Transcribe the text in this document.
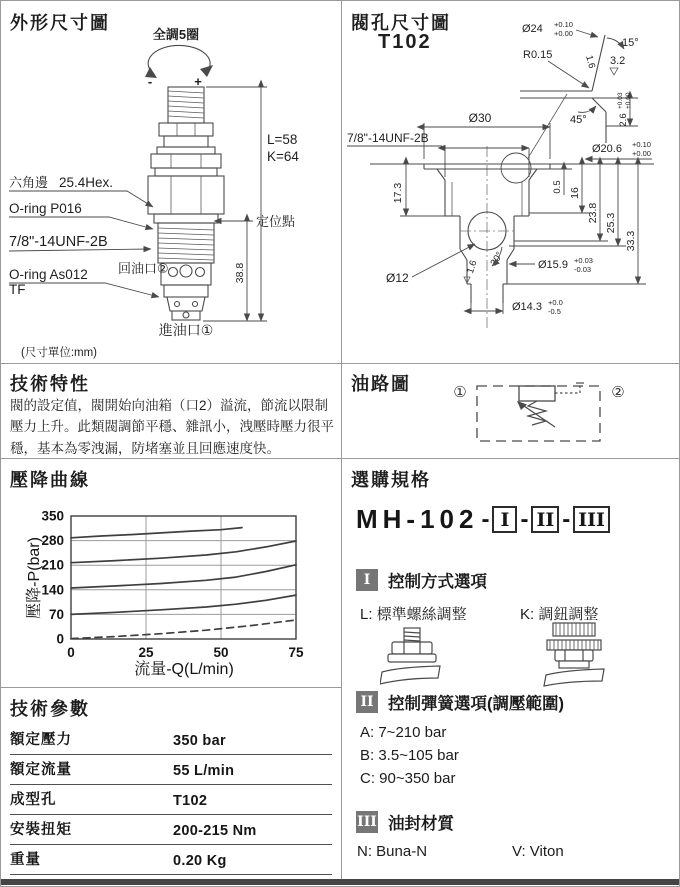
外形尺寸圖
全調5圈
-	+
L=58
K=64
定位點
38.8
六角邊 25.4Hex.
O-ring P016
7/8"-14UNF-2B
O-ring As012
TF
回油口②
進油口①
(尺寸單位:mm)
閥孔尺寸圖
T102
Ø30
7/8"-14UNF-2B
17.3
Ø12
0.5 16
23.8 25.3
33.3
Ø15.9 +0.03
-0.03
1.6 30°
Ø14.3 +0.0
-0.5
Ø24 +0.10
+0.00
15°
1.6 3.2
R0.15
45°	2.6
+0.03 +0.00
Ø20.6 +0.10
+0.00
技術特性
閥的設定值，閥開始向油箱（口2）溢流，節流以限制壓力上升。此類閥調節平穩、雜訊小，洩壓時壓力很平穩，基本為零洩漏，防堵塞並且回應速度快。
油路圖	①	②
壓降曲線
壓降-P(bar)
流量-Q(L/min)
0
70
140
210
280
350
0	25	50	75
選購規格
MH-102 - I - II - III
I	控制方式選項
L: 標準螺絲調整	K: 調鈕調整
II 控制彈簧選項(調壓範圍)
A: 7~210 bar
B: 3.5~105 bar
C: 90~350 bar
III 油封材質
N: Buna-N	V: Viton
技術參數
額定壓力	350 bar
額定流量	55 L/min
成型孔	T102
安裝扭矩	200-215 Nm
重量	0.20 Kg
